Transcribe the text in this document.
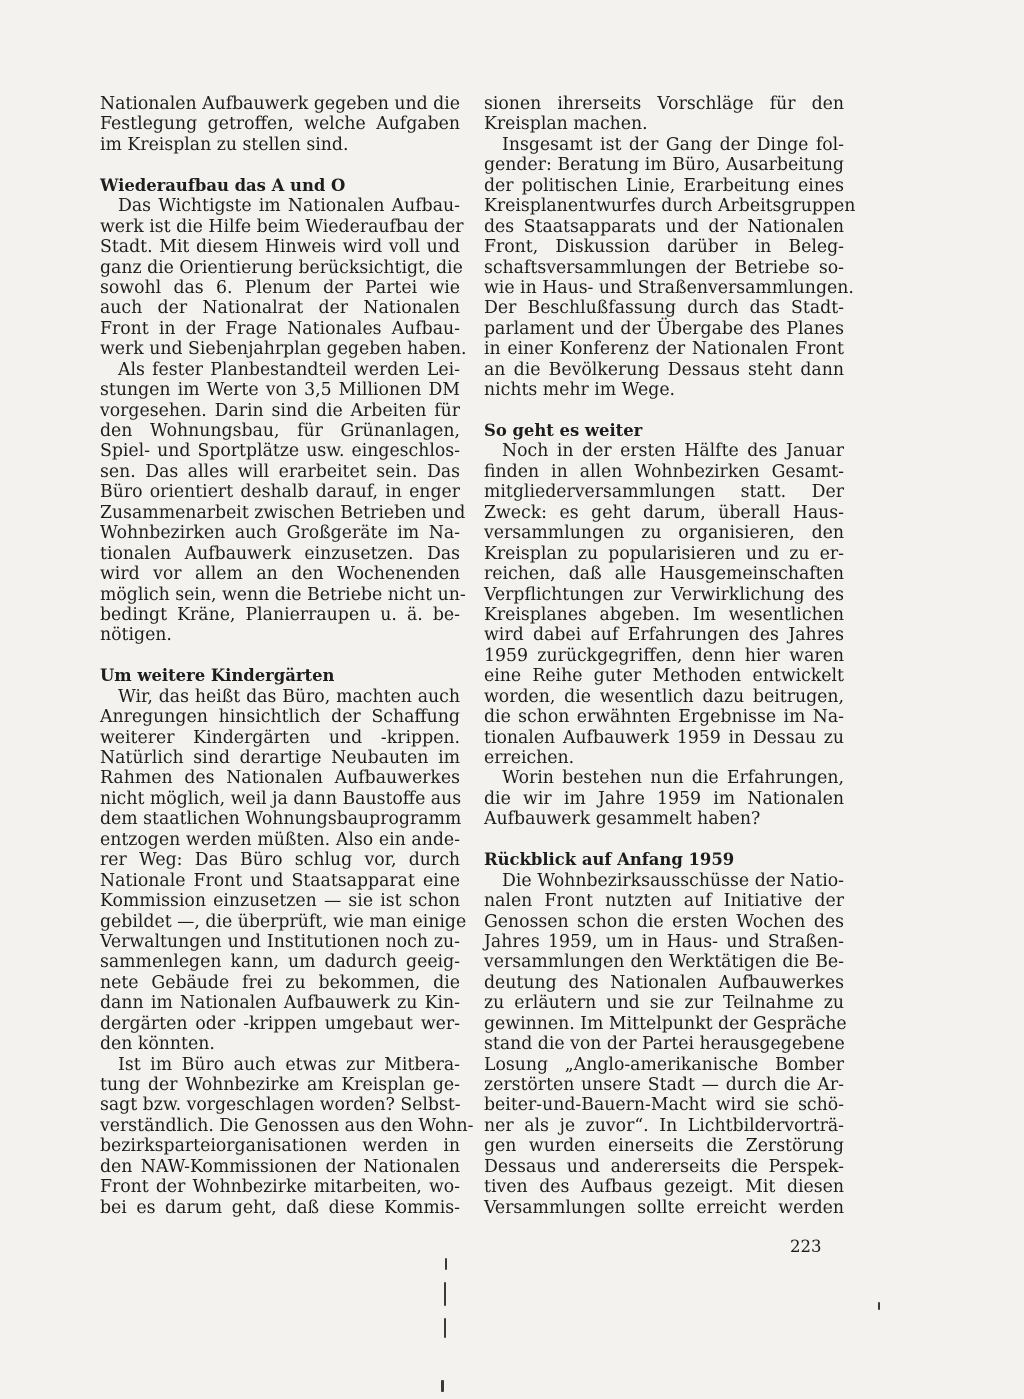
Nationalen Aufbauwerk gegeben und die
Festlegung getroffen, welche Aufgaben
im Kreisplan zu stellen sind.
Wiederaufbau das A und O
Das Wichtigste im Nationalen Aufbau-
werk ist die Hilfe beim Wiederaufbau der
Stadt. Mit diesem Hinweis wird voll und
ganz die Orientierung berücksichtigt, die
sowohl das 6. Plenum der Partei wie
auch der Nationalrat der Nationalen
Front in der Frage Nationales Aufbau-
werk und Siebenjahrplan gegeben haben.
Als fester Planbestandteil werden Lei-
stungen im Werte von 3,5 Millionen DM
vorgesehen. Darin sind die Arbeiten für
den Wohnungsbau, für Grünanlagen,
Spiel- und Sportplätze usw. eingeschlos-
sen. Das alles will erarbeitet sein. Das
Büro orientiert deshalb darauf, in enger
Zusammenarbeit zwischen Betrieben und
Wohnbezirken auch Großgeräte im Na-
tionalen Aufbauwerk einzusetzen. Das
wird vor allem an den Wochenenden
möglich sein, wenn die Betriebe nicht un-
bedingt Kräne, Planierraupen u. ä. be-
nötigen.
Um weitere Kindergärten
Wir, das heißt das Büro, machten auch
Anregungen hinsichtlich der Schaffung
weiterer Kindergärten und -krippen.
Natürlich sind derartige Neubauten im
Rahmen des Nationalen Aufbauwerkes
nicht möglich, weil ja dann Baustoffe aus
dem staatlichen Wohnungsbauprogramm
entzogen werden müßten. Also ein ande-
rer Weg: Das Büro schlug vor, durch
Nationale Front und Staatsapparat eine
Kommission einzusetzen — sie ist schon
gebildet —, die überprüft, wie man einige
Verwaltungen und Institutionen noch zu-
sammenlegen kann, um dadurch geeig-
nete Gebäude frei zu bekommen, die
dann im Nationalen Aufbauwerk zu Kin-
dergärten oder -krippen umgebaut wer-
den könnten.
Ist im Büro auch etwas zur Mitbera-
tung der Wohnbezirke am Kreisplan ge-
sagt bzw. vorgeschlagen worden? Selbst-
verständlich. Die Genossen aus den Wohn-
bezirksparteiorganisationen werden in
den NAW-Kommissionen der Nationalen
Front der Wohnbezirke mitarbeiten, wo-
bei es darum geht, daß diese Kommis-
sionen ihrerseits Vorschläge für den
Kreisplan machen.
Insgesamt ist der Gang der Dinge fol-
gender: Beratung im Büro, Ausarbeitung
der politischen Linie, Erarbeitung eines
Kreisplanentwurfes durch Arbeitsgruppen
des Staatsapparats und der Nationalen
Front, Diskussion darüber in Beleg-
schaftsversammlungen der Betriebe so-
wie in Haus- und Straßenversammlungen.
Der Beschlußfassung durch das Stadt-
parlament und der Übergabe des Planes
in einer Konferenz der Nationalen Front
an die Bevölkerung Dessaus steht dann
nichts mehr im Wege.
So geht es weiter
Noch in der ersten Hälfte des Januar
finden in allen Wohnbezirken Gesamt-
mitgliederversammlungen statt. Der
Zweck: es geht darum, überall Haus-
versammlungen zu organisieren, den
Kreisplan zu popularisieren und zu er-
reichen, daß alle Hausgemeinschaften
Verpflichtungen zur Verwirklichung des
Kreisplanes abgeben. Im wesentlichen
wird dabei auf Erfahrungen des Jahres
1959 zurückgegriffen, denn hier waren
eine Reihe guter Methoden entwickelt
worden, die wesentlich dazu beitrugen,
die schon erwähnten Ergebnisse im Na-
tionalen Aufbauwerk 1959 in Dessau zu
erreichen.
Worin bestehen nun die Erfahrungen,
die wir im Jahre 1959 im Nationalen
Aufbauwerk gesammelt haben?
Rückblick auf Anfang 1959
Die Wohnbezirksausschüsse der Natio-
nalen Front nutzten auf Initiative der
Genossen schon die ersten Wochen des
Jahres 1959, um in Haus- und Straßen-
versammlungen den Werktätigen die Be-
deutung des Nationalen Aufbauwerkes
zu erläutern und sie zur Teilnahme zu
gewinnen. Im Mittelpunkt der Gespräche
stand die von der Partei herausgegebene
Losung „Anglo-amerikanische Bomber
zerstörten unsere Stadt — durch die Ar-
beiter-und-Bauern-Macht wird sie schö-
ner als je zuvor“. In Lichtbildervorträ-
gen wurden einerseits die Zerstörung
Dessaus und andererseits die Perspek-
tiven des Aufbaus gezeigt. Mit diesen
Versammlungen sollte erreicht werden
223
